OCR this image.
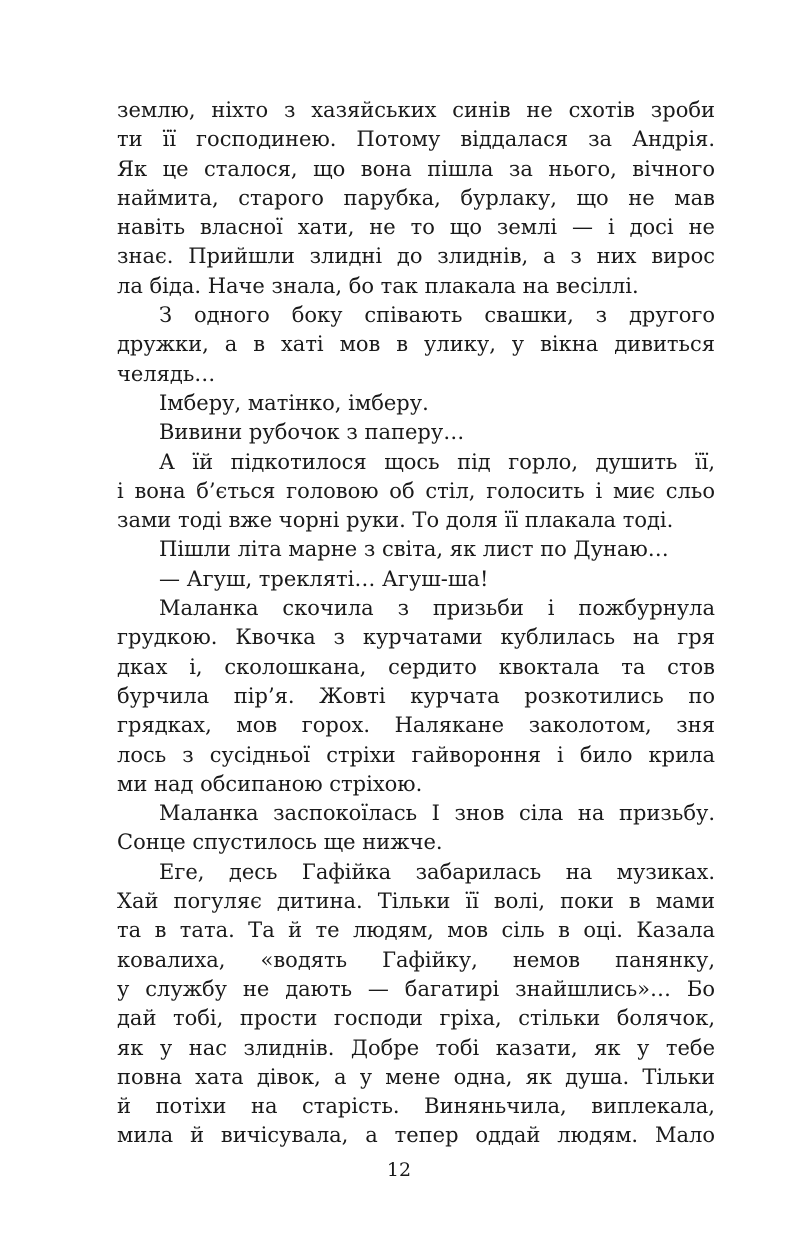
землю, ніхто з хазяйських синів не схотів зроби
ти її господинею. Потому віддалася за Андрія.
Як це сталося, що вона пішла за нього, вічного
наймита, старого парубка, бурлаку, що не мав
навіть власної хати, не то що землі — і досі не
знає. Прийшли злидні до злиднів, а з них вирос
ла біда. Наче знала, бо так плакала на весіллі.
З одного боку співають свашки, з другого
дружки, а в хаті мов в улику, у вікна дивиться
челядь…
Імберу, матінко, імберу.
Вивини рубочок з паперу…
А їй підкотилося щось під горло, душить її,
і вона б’ється головою об стіл, голосить і миє сльо
зами тоді вже чорні руки. То доля її плакала тоді.
Пішли літа марне з світа, як лист по Дунаю…
— Агуш, трекляті… Агуш-ша!
Маланка скочила з призьби і пожбурнула
грудкою. Квочка з курчатами кублилась на гря
дках і, сколошкана, сердито квоктала та стов
бурчила пір’я. Жовті курчата розкотились по
грядках, мов горох. Налякане заколотом, зня
лось з сусідньої стріхи гайвороння і било крила
ми над обсипаною стріхою.
Маланка заспокоїлась І знов сіла на призьбу.
Сонце спустилось ще нижче.
Еге, десь Гафійка забарилась на музиках.
Хай погуляє дитина. Тільки її волі, поки в мами
та в тата. Та й те людям, мов сіль в оці. Казала
ковалиха, «водять Гафійку, немов панянку,
у службу не дають — багатирі знайшлись»… Бо
дай тобі, прости господи гріха, стільки болячок,
як у нас злиднів. Добре тобі казати, як у тебе
повна хата дівок, а у мене одна, як душа. Тільки
й потіхи на старість. Виняньчила, виплекала,
мила й вичісувала, а тепер оддай людям. Мало
12
